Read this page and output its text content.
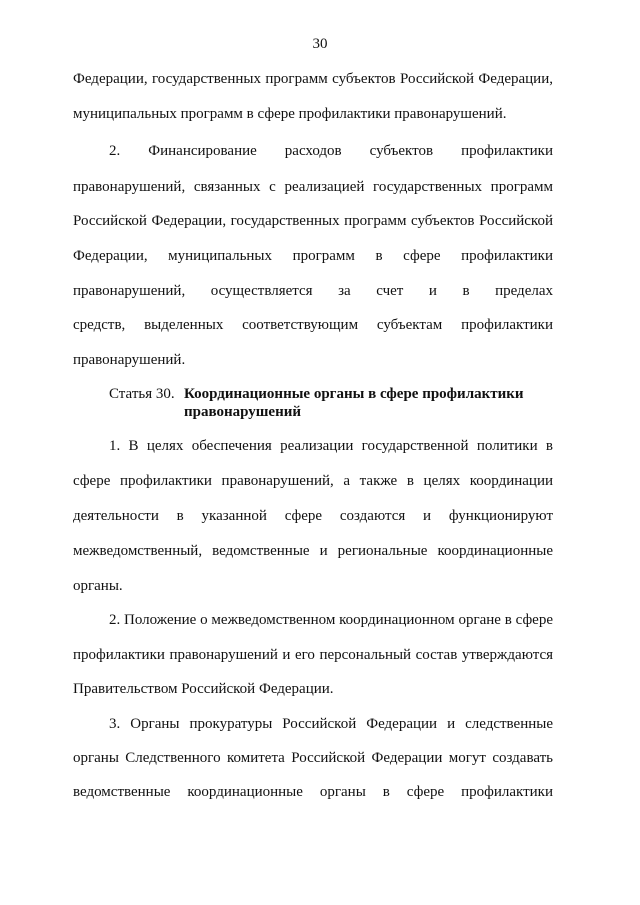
30
Федерации, государственных программ субъектов Российской Федерации,
муниципальных программ в сфере профилактики правонарушений.
2. Финансирование расходов субъектов профилактики
правонарушений, связанных с реализацией государственных программ
Российской Федерации, государственных программ субъектов Российской
Федерации, муниципальных программ в сфере профилактики
правонарушений, осуществляется за счет и в пределах
средств, выделенных соответствующим субъектам профилактики
правонарушений.
Статья 30. Координационные органы в сфере профилактики
правонарушений
1. В целях обеспечения реализации государственной политики в
сфере профилактики правонарушений, а также в целях координации
деятельности в указанной сфере создаются и функционируют
межведомственный, ведомственные и региональные координационные
органы.
2. Положение о межведомственном координационном органе в сфере
профилактики правонарушений и его персональный состав утверждаются
Правительством Российской Федерации.
3. Органы прокуратуры Российской Федерации и следственные
органы Следственного комитета Российской Федерации могут создавать
ведомственные координационные органы в сфере профилактики
